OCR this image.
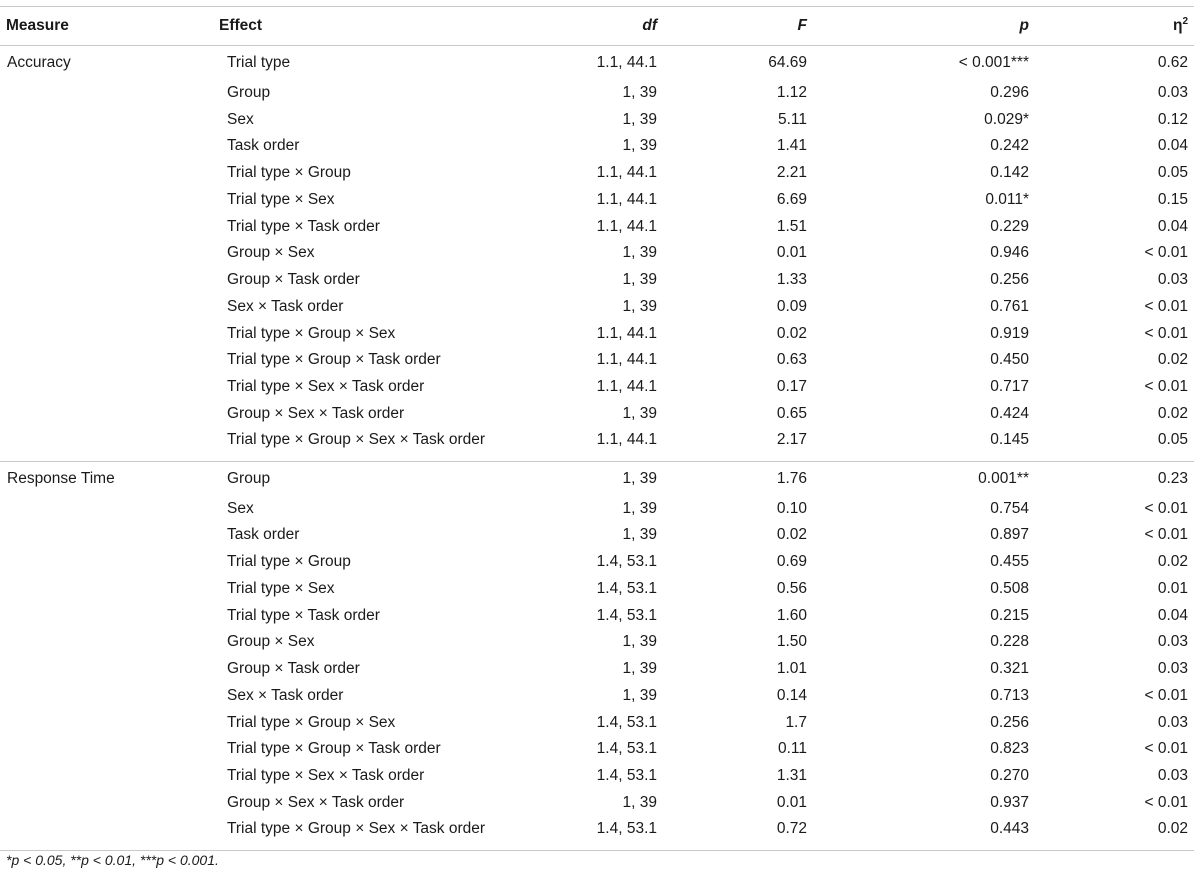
Measure	Effect	df	F	p	$\eta^2$
Accuracy	Trial type	1.1, 44.1	64.69	< 0.001***	0.62
	Group	1, 39	1.12	0.296	0.03
	Sex	1, 39	5.11	0.029*	0.12
	Task order	1, 39	1.41	0.242	0.04
	Trial type × Group	1.1, 44.1	2.21	0.142	0.05
	Trial type × Sex	1.1, 44.1	6.69	0.011*	0.15
	Trial type × Task order	1.1, 44.1	1.51	0.229	0.04
	Group × Sex	1, 39	0.01	0.946	< 0.01
	Group × Task order	1, 39	1.33	0.256	0.03
	Sex × Task order	1, 39	0.09	0.761	< 0.01
	Trial type × Group × Sex	1.1, 44.1	0.02	0.919	< 0.01
	Trial type × Group × Task order	1.1, 44.1	0.63	0.450	0.02
	Trial type × Sex × Task order	1.1, 44.1	0.17	0.717	< 0.01
	Group × Sex × Task order	1, 39	0.65	0.424	0.02
	Trial type × Group × Sex × Task order	1.1, 44.1	2.17	0.145	0.05
Response Time	Group	1, 39	1.76	0.001**	0.23
	Sex	1, 39	0.10	0.754	< 0.01
	Task order	1, 39	0.02	0.897	< 0.01
	Trial type × Group	1.4, 53.1	0.69	0.455	0.02
	Trial type × Sex	1.4, 53.1	0.56	0.508	0.01
	Trial type × Task order	1.4, 53.1	1.60	0.215	0.04
	Group × Sex	1, 39	1.50	0.228	0.03
	Group × Task order	1, 39	1.01	0.321	0.03
	Sex × Task order	1, 39	0.14	0.713	< 0.01
	Trial type × Group × Sex	1.4, 53.1	1.7	0.256	0.03
	Trial type × Group × Task order	1.4, 53.1	0.11	0.823	< 0.01
	Trial type × Sex × Task order	1.4, 53.1	1.31	0.270	0.03
	Group × Sex × Task order	1, 39	0.01	0.937	< 0.01
	Trial type × Group × Sex × Task order	1.4, 53.1	0.72	0.443	0.02
*p < 0.05, **p < 0.01, ***p < 0.001.
